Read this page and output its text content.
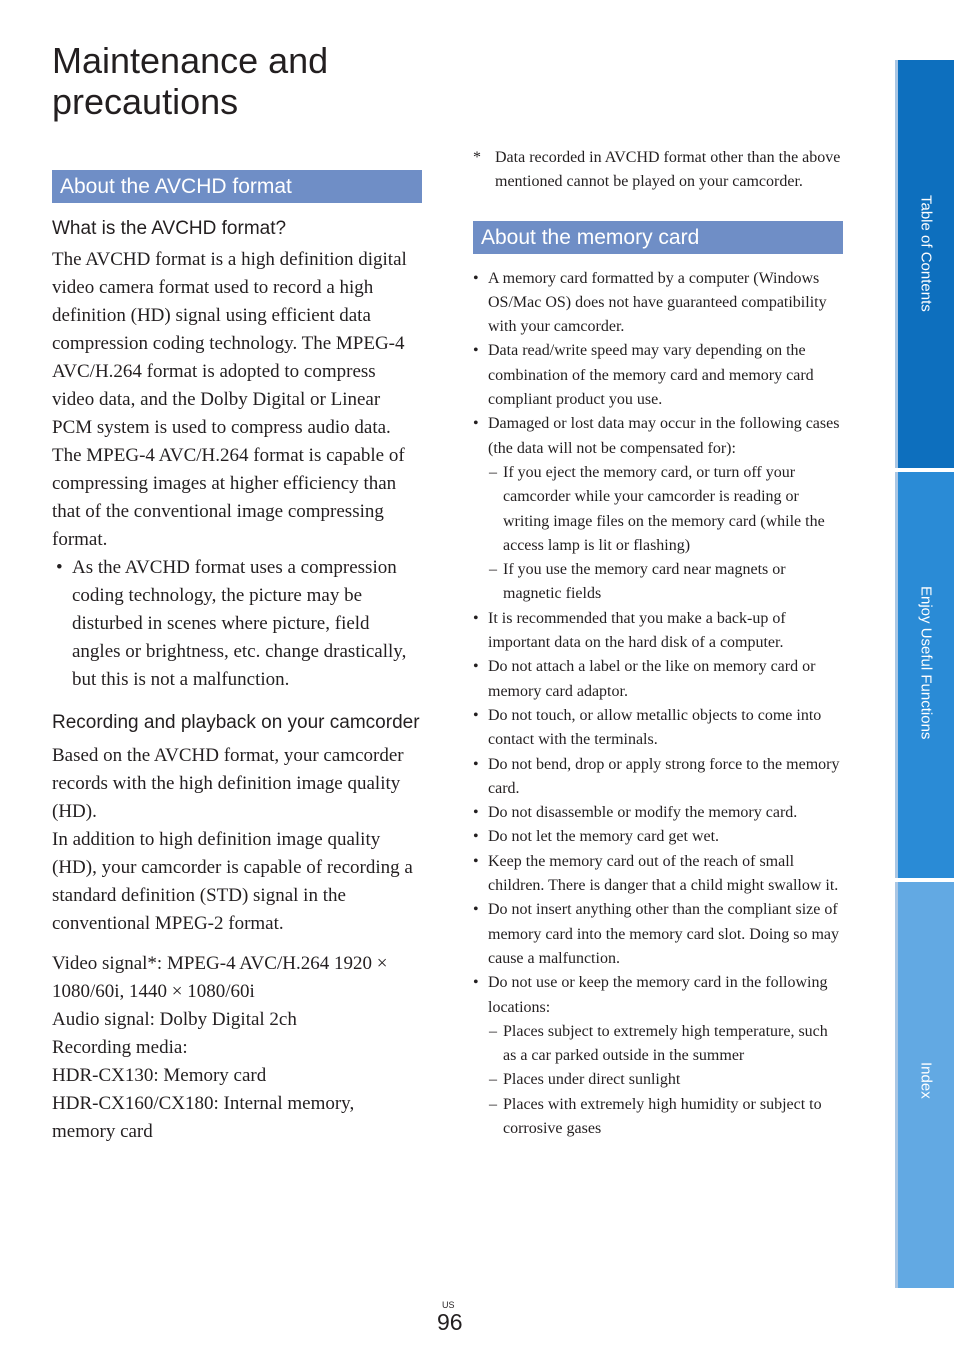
Maintenance and precautions
About the AVCHD format
What is the AVCHD format?

The AVCHD format is a high definition digital video camera format used to record a high definition (HD) signal using efficient data compression coding technology. The MPEG-4 AVC/H.264 format is adopted to compress video data, and the Dolby Digital or Linear PCM system is used to compress audio data.

The MPEG-4 AVC/H.264 format is capable of compressing images at higher efficiency than that of the conventional image compressing format.

• As the AVCHD format uses a compression coding technology, the picture may be disturbed in scenes where picture, field angles or brightness, etc. change drastically, but this is not a malfunction.
Recording and playback on your camcorder

Based on the AVCHD format, your camcorder records with the high definition image quality (HD).

In addition to high definition image quality (HD), your camcorder is capable of recording a standard definition (STD) signal in the conventional MPEG-2 format.

Video signal*: MPEG-4 AVC/H.264 1920 × 1080/60i, 1440 × 1080/60i
Audio signal: Dolby Digital 2ch
Recording media:
HDR-CX130: Memory card
HDR-CX160/CX180: Internal memory, memory card
* Data recorded in AVCHD format other than the above mentioned cannot be played on your camcorder.
About the memory card
• A memory card formatted by a computer (Windows OS/Mac OS) does not have guaranteed compatibility with your camcorder.
• Data read/write speed may vary depending on the combination of the memory card and memory card compliant product you use.
• Damaged or lost data may occur in the following cases (the data will not be compensated for):
– If you eject the memory card, or turn off your camcorder while your camcorder is reading or writing image files on the memory card (while the access lamp is lit or flashing)
– If you use the memory card near magnets or magnetic fields
• It is recommended that you make a back-up of important data on the hard disk of a computer.
• Do not attach a label or the like on memory card or memory card adaptor.
• Do not touch, or allow metallic objects to come into contact with the terminals.
• Do not bend, drop or apply strong force to the memory card.
• Do not disassemble or modify the memory card.
• Do not let the memory card get wet.
• Keep the memory card out of the reach of small children. There is danger that a child might swallow it.
• Do not insert anything other than the compliant size of memory card into the memory card slot. Doing so may cause a malfunction.
• Do not use or keep the memory card in the following locations:
– Places subject to extremely high temperature, such as a car parked outside in the summer
– Places under direct sunlight
– Places with extremely high humidity or subject to corrosive gases
Table of Contents
Enjoy Useful Functions
Index
US
96
